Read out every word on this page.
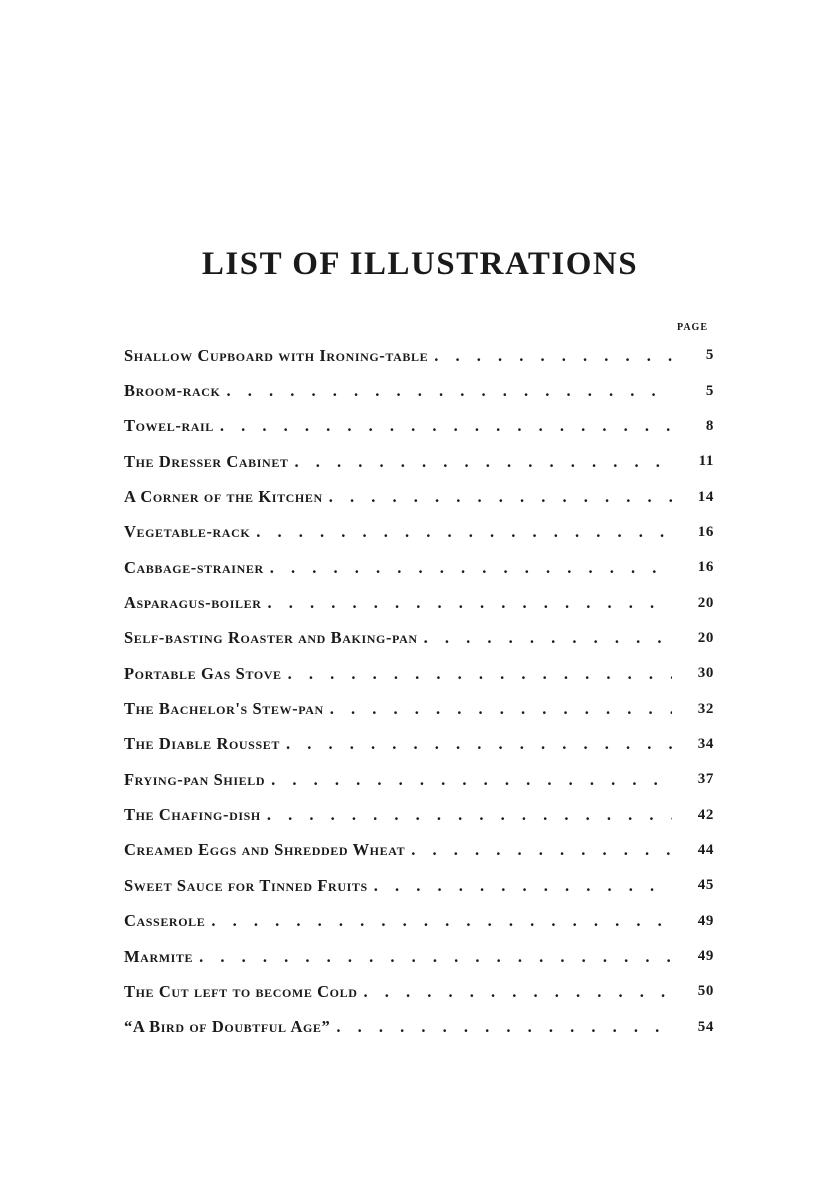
LIST OF ILLUSTRATIONS
PAGE
Shallow Cupboard with Ironing-table . . .	5
Broom-rack . . .	5
Towel-rail . . .	8
The Dresser Cabinet . . .	11
A Corner of the Kitchen . . .	14
Vegetable-rack . . .	16
Cabbage-strainer . . .	16
Asparagus-boiler . . .	20
Self-basting Roaster and Baking-pan . . .	20
Portable Gas Stove . . .	30
The Bachelor's Stew-pan . . .	32
The Diable Rousset . . .	34
Frying-pan Shield . . .	37
The Chafing-dish . . .	42
Creamed Eggs and Shredded Wheat . . .	44
Sweet Sauce for Tinned Fruits . . .	45
Casserole . . .	49
Marmite . . .	49
The Cut left to become Cold . . .	50
“A Bird of Doubtful Age” . . .	54
